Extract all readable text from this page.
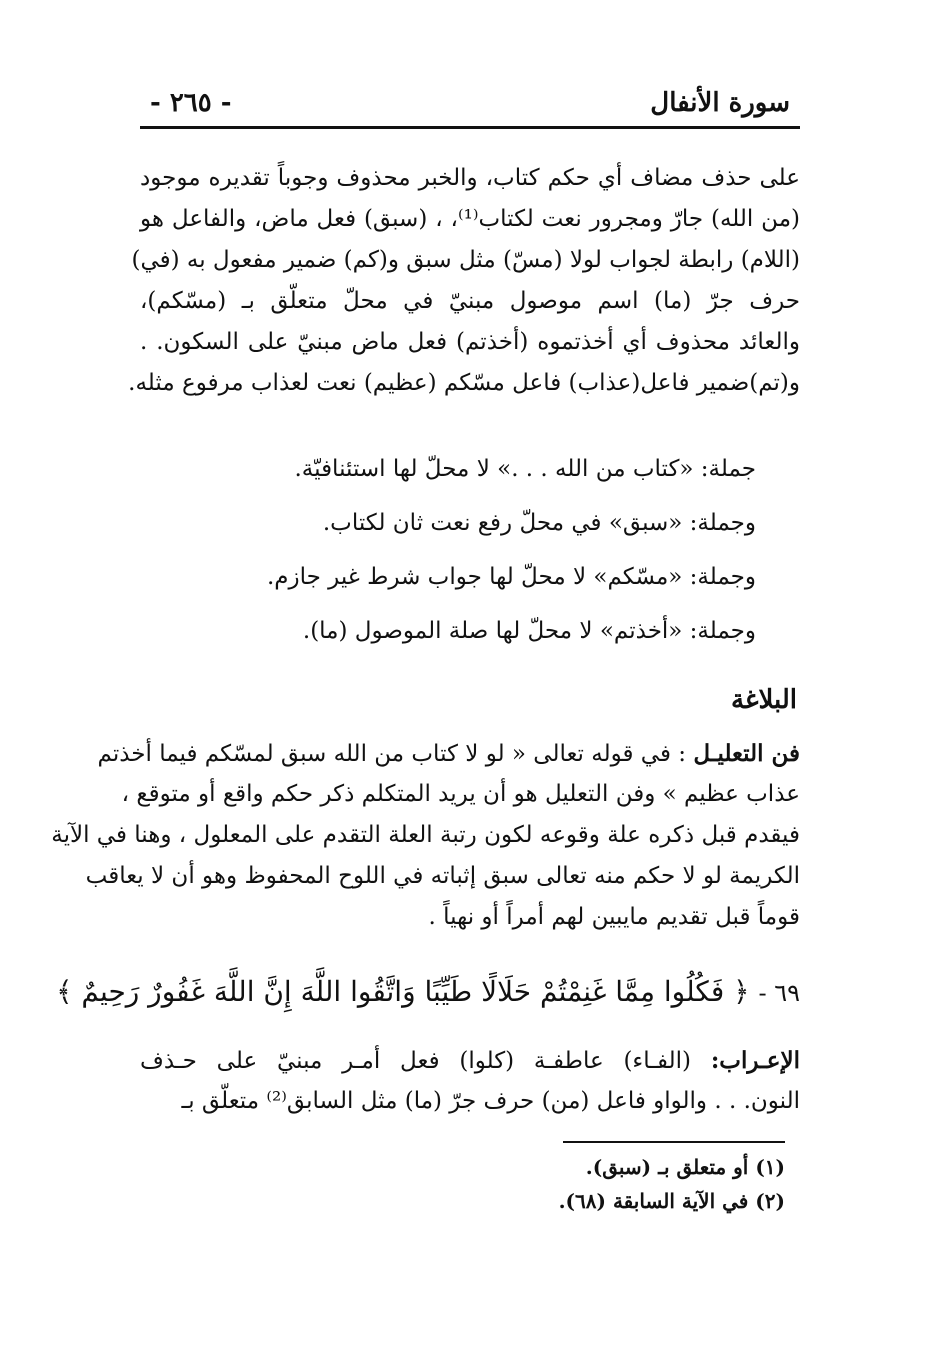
سورة الأنفال
- ٢٦٥ -
على حذف مضاف أي حكم كتاب، والخبر محذوف وجوباً تقديره موجود
(من الله) جارّ ومجرور نعت لكتاب⁽¹⁾، ، (سبق) فعل ماض، والفاعل هو
(اللام) رابطة لجواب لولا (مسّ) مثل سبق و(كم) ضمير مفعول به (في)
حرف جرّ (ما) اسم موصول مبنيّ في محلّ متعلّق بـ (مسّكم)،
والعائد محذوف أي أخذتموه (أخذتم) فعل ماض مبنيّ على السكون. .
و(تم)ضمير فاعل(عذاب) فاعل مسّكم (عظيم) نعت لعذاب مرفوع مثله.
جملة: «كتاب من الله . . .» لا محلّ لها استئنافيّة.
وجملة: «سبق» في محلّ رفع نعت ثان لكتاب.
وجملة: «مسّكم» لا محلّ لها جواب شرط غير جازم.
وجملة: «أخذتم» لا محلّ لها صلة الموصول (ما).
البلاغة
فن التعليـل : في قوله تعالى « لو لا كتاب من الله سبق لمسّكم فيما أخذتم
عذاب عظيم » وفن التعليل هو أن يريد المتكلم ذكر حكم واقع أو متوقع ،
فيقدم قبل ذكره علة وقوعه لكون رتبة العلة التقدم على المعلول ، وهنا في الآية
الكريمة لو لا حكم منه تعالى سبق إثباته في اللوح المحفوظ وهو أن لا يعاقب
قوماً قبل تقديم مايبين لهم أمراً أو نهياً .
٦٩ - ﴿ فَكُلُوا مِمَّا غَنِمْتُمْ حَلَالًا طَيِّبًا وَاتَّقُوا اللَّهَ إِنَّ اللَّهَ غَفُورٌ رَحِيمٌ ﴾
الإعـراب: (الفـاء) عاطفـة (كلوا) فعل أمـر مبنيّ على حـذف
النون. . . والواو فاعل (من) حرف جرّ (ما) مثل السابق⁽²⁾ متعلّق بـ
(١) أو متعلق بـ (سبق).
(٢) في الآية السابقة (٦٨).
